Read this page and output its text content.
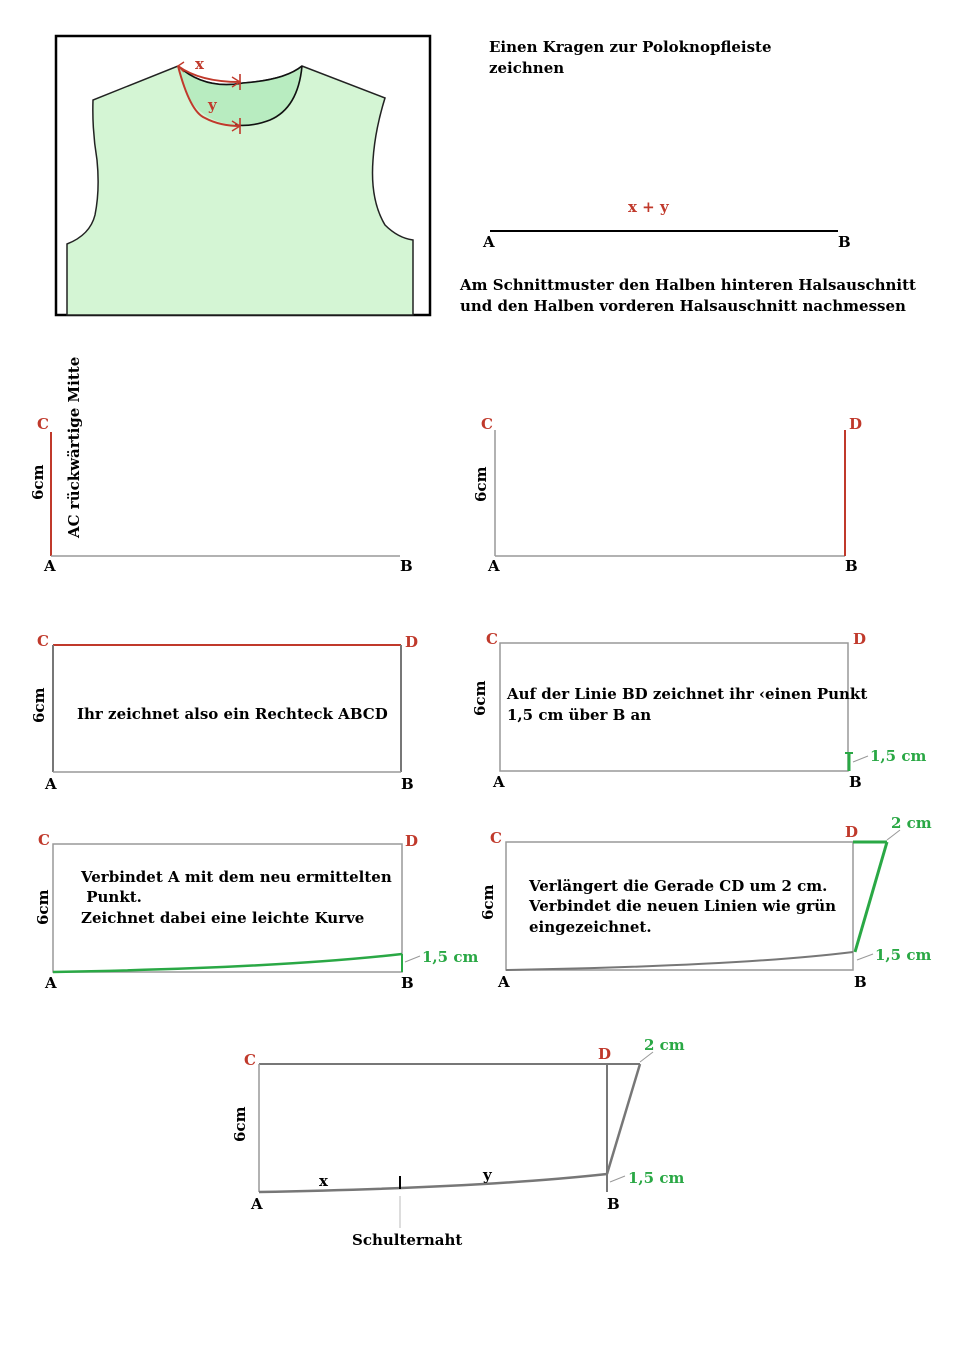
x
y
Einen Kragen zur Poloknopfleiste
zeichnen
x + y
A	B
Am Schnittmuster den Halben hinteren Halsauschnitt
und den Halben vorderen Halsauschnitt nachmessen
C
A	B
6cm AC rückwärtige Mitte	C	D
A	B
6cm
C	D
A	B
6cm Ihr zeichnet also ein Rechteck ABCD
C	D
A	B
6cm Auf der Linie BD zeichnet ihr ‹einen Punkt
1,5 cm über B an
1,5 cm
C	D
A	B
6cm
Verbindet A mit dem neu ermittelten
Punkt.
Zeichnet dabei eine leichte Kurve
1,5 cm
C	D
A	B
6cm Verlängert die Gerade CD um 2 cm.
Verbindet die neuen Linien wie grün
eingezeichnet.
2 cm
1,5 cm
C	D
A	B
6cm
x	y
2 cm
1,5 cm
Schulternaht
